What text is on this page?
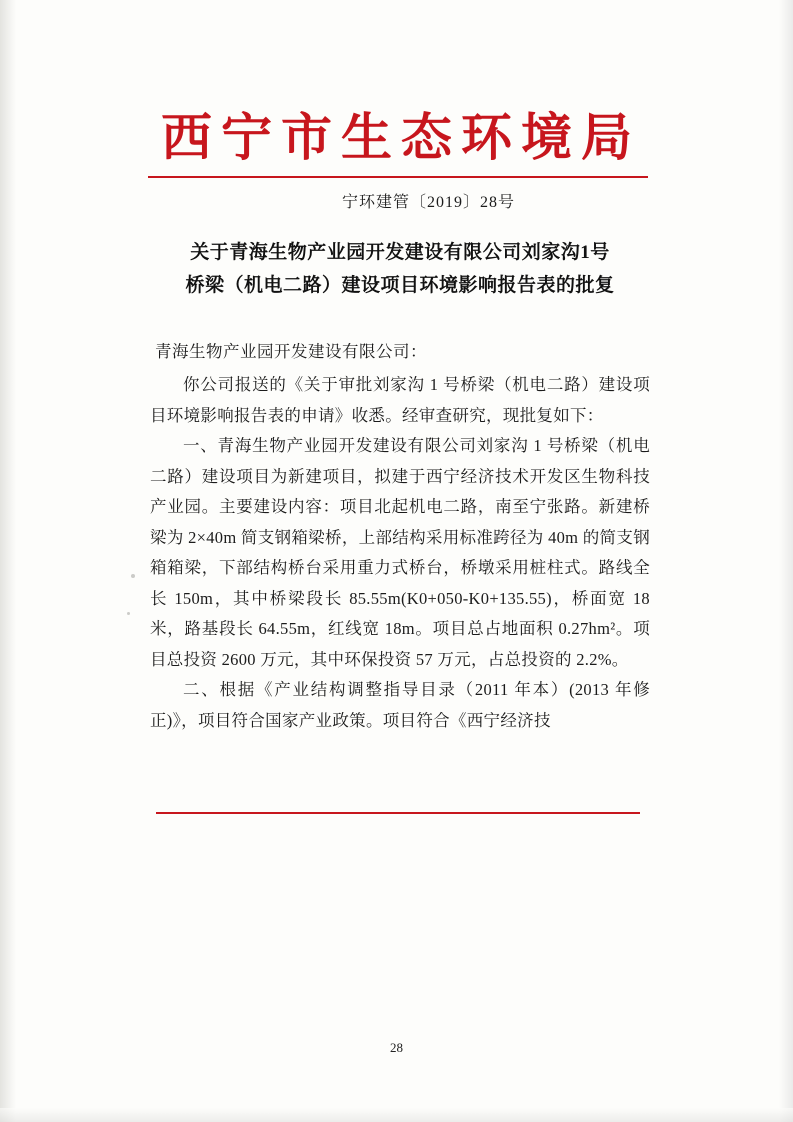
西宁市生态环境局
宁环建管〔2019〕28号
关于青海生物产业园开发建设有限公司刘家沟1号
桥梁（机电二路）建设项目环境影响报告表的批复
青海生物产业园开发建设有限公司：

你公司报送的《关于审批刘家沟 1 号桥梁（机电二路）建设项目环境影响报告表的申请》收悉。经审查研究，现批复如下：

一、青海生物产业园开发建设有限公司刘家沟 1 号桥梁（机电二路）建设项目为新建项目，拟建于西宁经济技术开发区生物科技产业园。主要建设内容：项目北起机电二路，南至宁张路。新建桥梁为 2×40m 简支钢箱梁桥，上部结构采用标准跨径为 40m 的简支钢箱箱梁，下部结构桥台采用重力式桥台，桥墩采用桩柱式。路线全长 150m，其中桥梁段长 85.55m(K0+050-K0+135.55)，桥面宽 18 米，路基段长 64.55m，红线宽 18m。项目总占地面积 0.27hm²。项目总投资 2600 万元，其中环保投资 57 万元，占总投资的 2.2%。

二、根据《产业结构调整指导目录（2011 年本）(2013 年修正)》，项目符合国家产业政策。项目符合《西宁经济技

28
